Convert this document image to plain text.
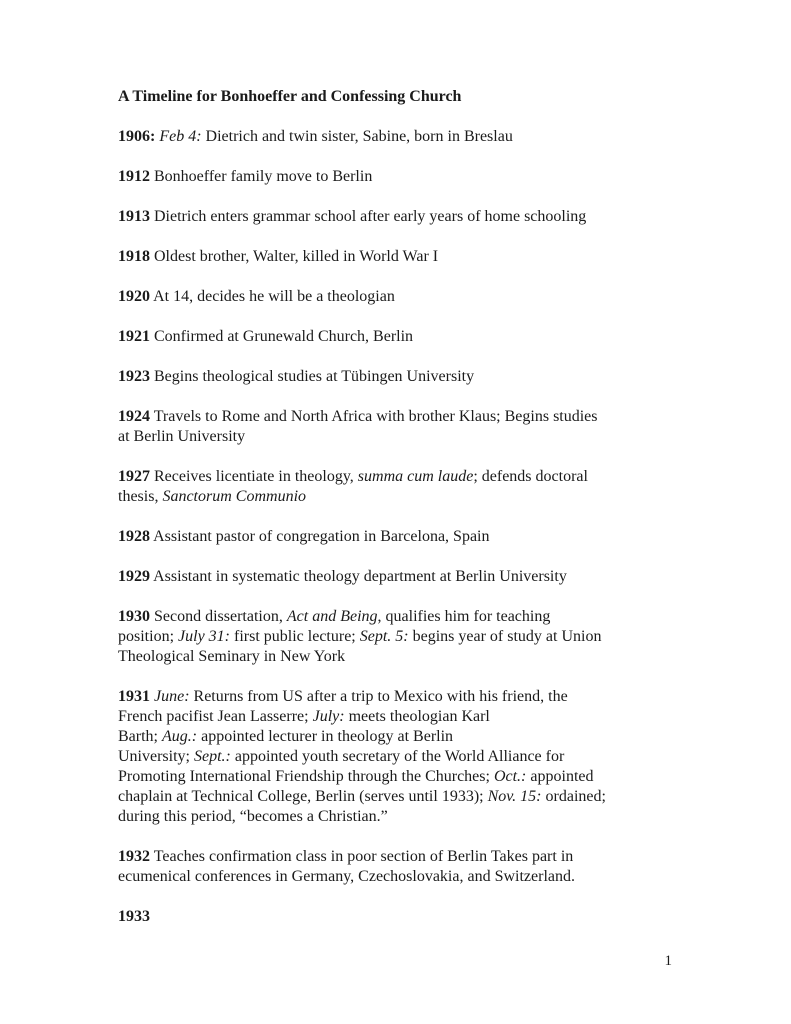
A Timeline for Bonhoeffer and Confessing Church

1906: Feb 4: Dietrich and twin sister, Sabine, born in Breslau

1912 Bonhoeffer family move to Berlin

1913 Dietrich enters grammar school after early years of home schooling

1918 Oldest brother, Walter, killed in World War I

1920 At 14, decides he will be a theologian

1921 Confirmed at Grunewald Church, Berlin

1923 Begins theological studies at Tübingen University

1924 Travels to Rome and North Africa with brother Klaus; Begins studies
at Berlin University

1927 Receives licentiate in theology, summa cum laude; defends doctoral
thesis, Sanctorum Communio

1928 Assistant pastor of congregation in Barcelona, Spain

1929 Assistant in systematic theology department at Berlin University

1930 Second dissertation, Act and Being, qualifies him for teaching
position; July 31: first public lecture; Sept. 5: begins year of study at Union
Theological Seminary in New York

1931 June: Returns from US after a trip to Mexico with his friend, the
French pacifist Jean Lasserre; July: meets theologian Karl
Barth; Aug.: appointed lecturer in theology at Berlin
University; Sept.: appointed youth secretary of the World Alliance for
Promoting International Friendship through the Churches; Oct.: appointed
chaplain at Technical College, Berlin (serves until 1933); Nov. 15: ordained;
during this period, “becomes a Christian.”

1932 Teaches confirmation class in poor section of Berlin Takes part in
ecumenical conferences in Germany, Czechoslovakia, and Switzerland.

1933

1
